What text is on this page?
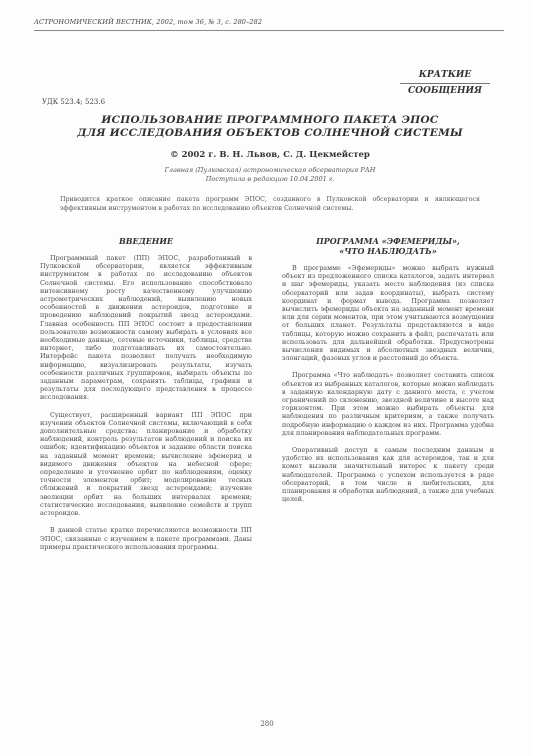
АСТРОНОМИЧЕСКИЙ ВЕСТНИК, 2002, том 36, № 3, с. 280–282
КРАТКИЕ
СООБЩЕНИЯ
УДК 523.4; 523.6
ИСПОЛЬЗОВАНИЕ ПРОГРАММНОГО ПАКЕТА ЭПОС
ДЛЯ ИССЛЕДОВАНИЯ ОБЪЕКТОВ СОЛНЕЧНОЙ СИСТЕМЫ
© 2002 г. В. Н. Львов, С. Д. Цекмейстер
Главная (Пулковская) астрономическая обсерватория РАН
Поступила в редакцию 10.04.2001 г.
Приводится краткое описание пакета программ ЭПОС, созданного в Пулковской обсерватории и являющегося эффективным инструментом в работах по исследованию объектов Солнечной системы.
ВВЕДЕНИЕ

Программный пакет (ПП) ЭПОС, разработанный в Пулковской обсерватории, является эффективным инструментом в работах по исследованию объектов Солнечной системы. Его использование способствовало интенсивному росту качественному улучшению астрометрических наблюдений, выявлению новых особенностей в движении астероидов, подготовке и проведению наблюдений покрытий звезд астероидами. Главная особенность ПП ЭПОС состоит в предоставлении пользователю возможности самому выбирать в условиях все необходимые данные, сетевые источники, таблицы, средства интернет, либо подготавливать их самостоятельно. Интерфейс пакета позволяет получать необходимую информацию, визуализировать результаты, изучать особенности различных группировок, выбирать объекты по заданным параметрам, сохранять таблицы, графики и результаты для последующего представления в процессе исследования.

Существует, расширенный вариант ПП ЭПОС при изучении объектов Солнечной системы, включающий в себя дополнительные средства: планирование и обработку наблюдений, контроль результатов наблюдений и поиска их ошибок; идентификацию объектов и задание области поиска на заданный момент времени; вычисление эфемерид и видимого движения объектов на небесной сфере; определение и уточнение орбит по наблюдениям, оценку точности элементов орбит; моделирование тесных сближений и покрытий звезд астероидами; изучение эволюции орбит на больших интервалах времени; статистические исследования, выявление семейств и групп астероидов.

В данной статье кратко перечисляются возможности ПП ЭПОС, связанные с изучением в пакете программами. Даны примеры практического использования программы.

ПРОГРАММА «ЭФЕМЕРИДЫ»,
«ЧТО НАБЛЮДАТЬ»

В программе «Эфемериды» можно выбрать нужный объект из предложенного списка каталогов, задать интервал и шаг эфемериды, указать место наблюдения (из списка обсерваторий или задав координаты), выбрать систему координат и формат вывода. Программа позволяет вычислить эфемериды объекта на заданный момент времени или для серии моментов, при этом учитываются возмущения от больших планет. Результаты представляются в виде таблицы, которую можно сохранить в файл, распечатать или использовать для дальнейшей обработки. Предусмотрены вычисления видимых и абсолютных звездных величин, элонгаций, фазовых углов и расстояний до объекта.

Программа «Что наблюдать» позволяет составить список объектов из выбранных каталогов, которые можно наблюдать в заданную календарную дату с данного места, с учетом ограничений по склонению, звездной величине и высоте над горизонтом. При этом можно выбирать объекты для наблюдения по различным критериям, а также получать подробную информацию о каждом из них. Программа удобна для планирования наблюдательных программ.

Оперативный доступ к самым последним данным и удобство их использования как для астероидов, так и для комет вызвали значительный интерес к пакету среди наблюдателей. Программа с успехом используется в ряде обсерваторий, в том числе и любительских, для планирования и обработки наблюдений, а также для учебных целей.

280
